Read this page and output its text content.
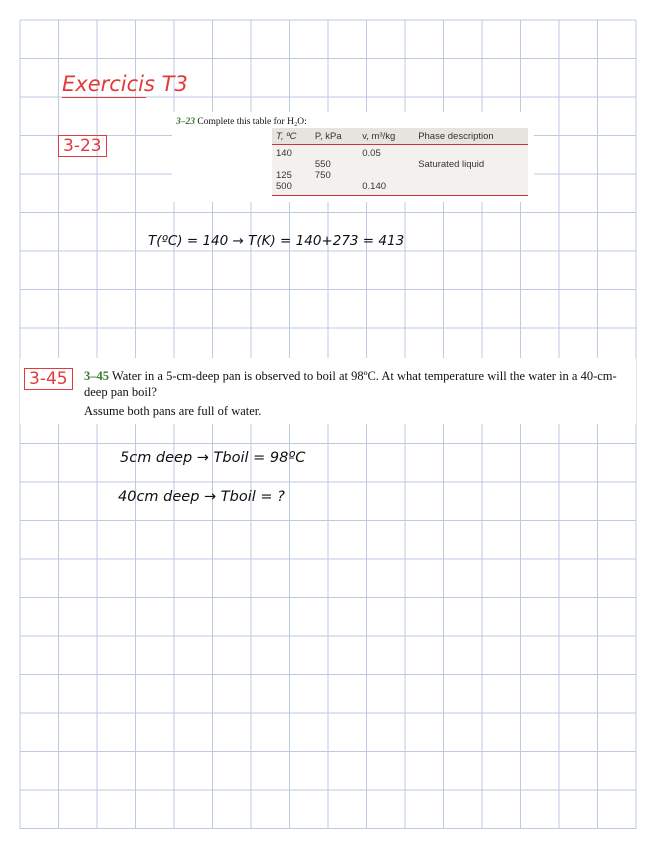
Exercicis T3
3-23
3–23 Complete this table for H₂O:
T, ºC	P, kPa	v, m³/kg	Phase description
140		0.05	
	550		Saturated liquid
125	750		
500		0.140	
T(ºC) = 140 → T(K) = 140+273 = 413
3-45	3–45 Water in a 5-cm-deep pan is observed to boil at 98ºC. At what temperature will the water in a 40-cm-
deep pan boil?
Assume both pans are full of water.
5cm deep → Tboil = 98ºC
40cm deep → Tboil = ?
